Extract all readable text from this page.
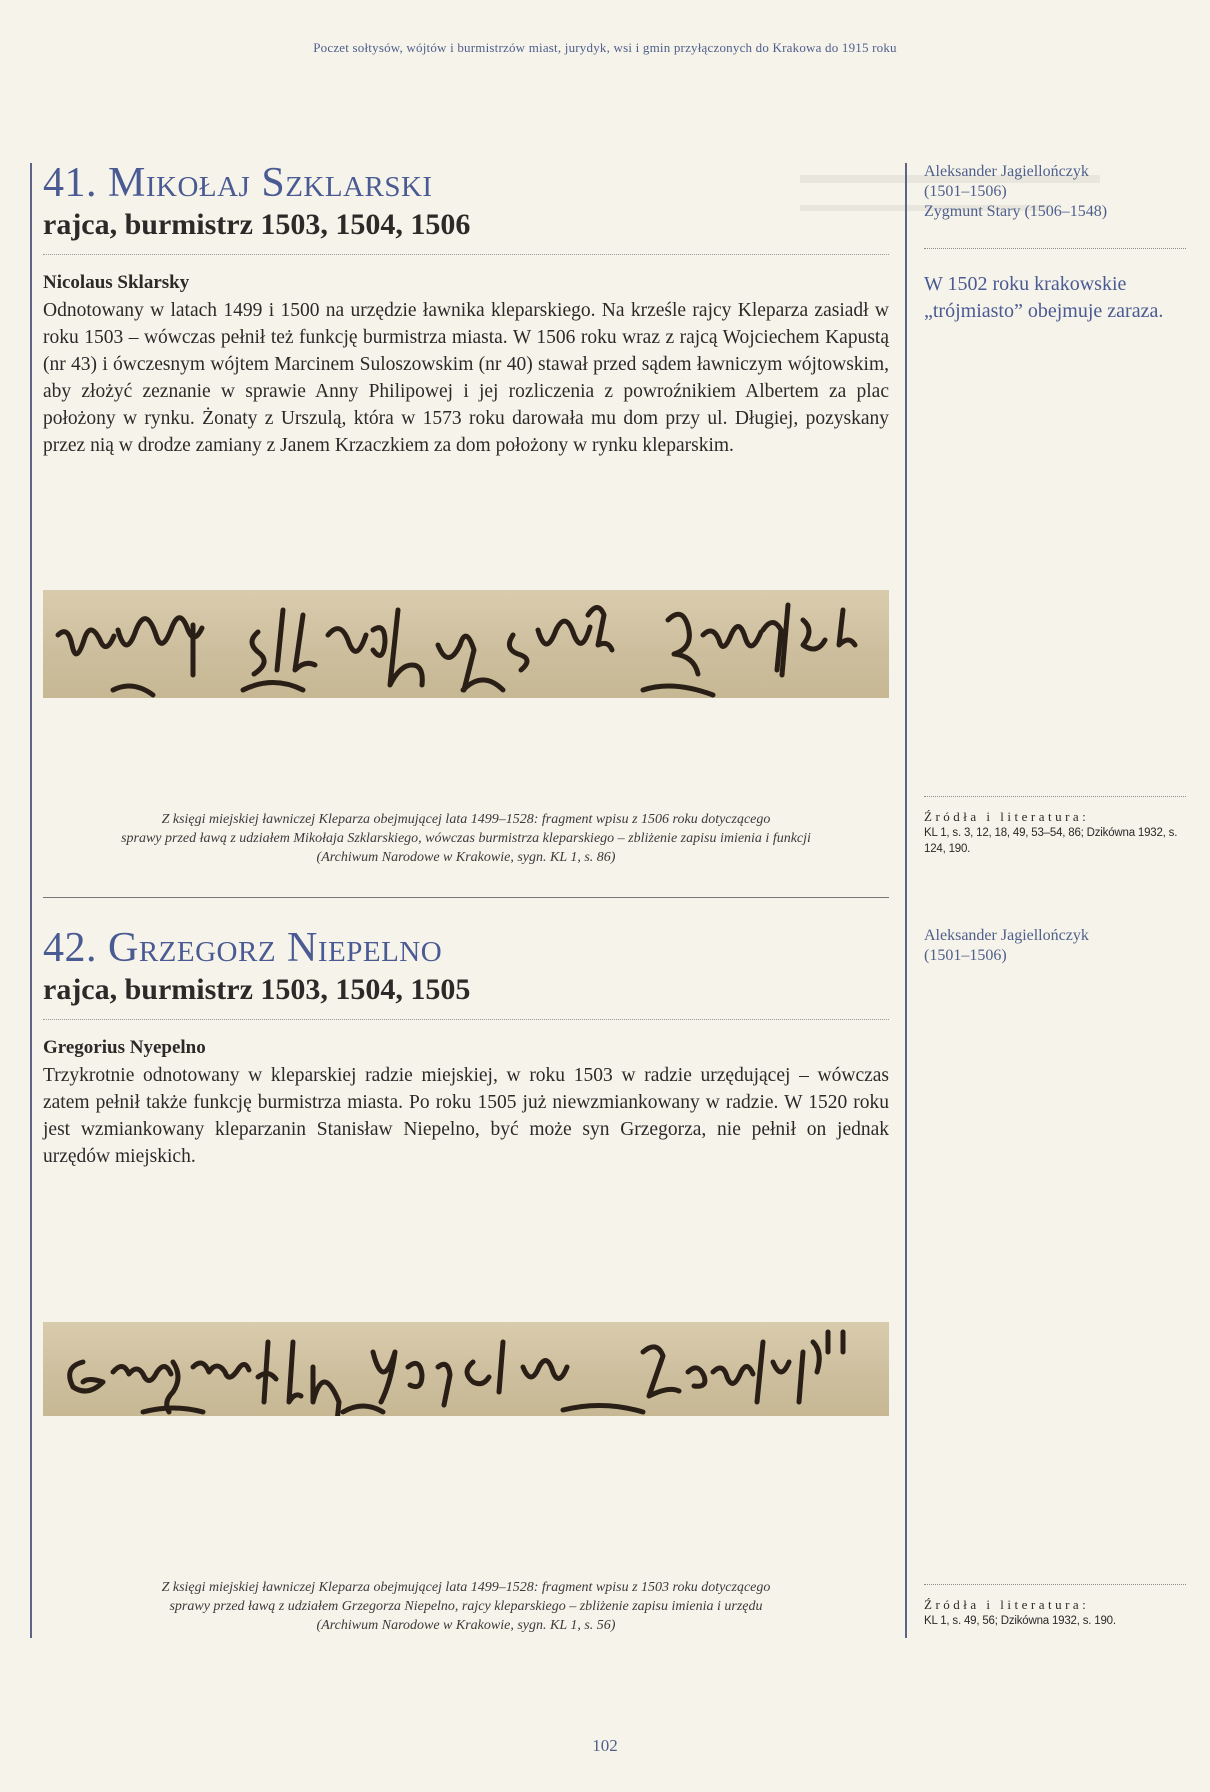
Poczet sołtysów, wójtów i burmistrzów miast, jurydyk, wsi i gmin przyłączonych do Krakowa do 1915 roku
41. Mikołaj Szklarski
rajca, burmistrz 1503, 1504, 1506
Nicolaus Sklarsky
Odnotowany w latach 1499 i 1500 na urzędzie ławnika kleparskiego. Na krześle rajcy Kleparza zasiadł w roku 1503 – wówczas pełnił też funkcję burmistrza miasta. W 1506 roku wraz z rajcą Wojciechem Kapustą (nr 43) i ówczesnym wójtem Marcinem Suloszowskim (nr 40) stawał przed sądem ławniczym wójtowskim, aby złożyć zeznanie w sprawie Anny Philipowej i jej rozliczenia z powroźnikiem Albertem za plac położony w rynku. Żonaty z Urszulą, która w 1573 roku darowała mu dom przy ul. Długiej, pozyskany przez nią w drodze zamiany z Janem Krzaczkiem za dom położony w rynku kleparskim.
Z księgi miejskiej ławniczej Kleparza obejmującej lata 1499–1528: fragment wpisu z 1506 roku dotyczącego
sprawy przed ławą z udziałem Mikołaja Szklarskiego, wówczas burmistrza kleparskiego – zbliżenie zapisu imienia i funkcji
(Archiwum Narodowe w Krakowie, sygn. KL 1, s. 86)
42. Grzegorz Niepelno
rajca, burmistrz 1503, 1504, 1505
Gregorius Nyepelno
Trzykrotnie odnotowany w kleparskiej radzie miejskiej, w roku 1503 w radzie urzędującej – wówczas zatem pełnił także funkcję burmistrza miasta. Po roku 1505 już niewzmiankowany w radzie. W 1520 roku jest wzmiankowany kleparzanin Stanisław Niepelno, być może syn Grzegorza, nie pełnił on jednak urzędów miejskich.
Z księgi miejskiej ławniczej Kleparza obejmującej lata 1499–1528: fragment wpisu z 1503 roku dotyczącego
sprawy przed ławą z udziałem Grzegorza Niepelno, rajcy kleparskiego – zbliżenie zapisu imienia i urzędu
(Archiwum Narodowe w Krakowie, sygn. KL 1, s. 56)
Aleksander Jagiellończyk
(1501–1506)
Zygmunt Stary (1506–1548)
W 1502 roku krakowskie „trójmiasto” obejmuje zaraza.
Źródła i literatura:
KL 1, s. 3, 12, 18, 49, 53–54, 86; Dzikówna 1932, s. 124, 190.
Aleksander Jagiellończyk
(1501–1506)
Źródła i literatura:
KL 1, s. 49, 56; Dzikówna 1932, s. 190.
102
